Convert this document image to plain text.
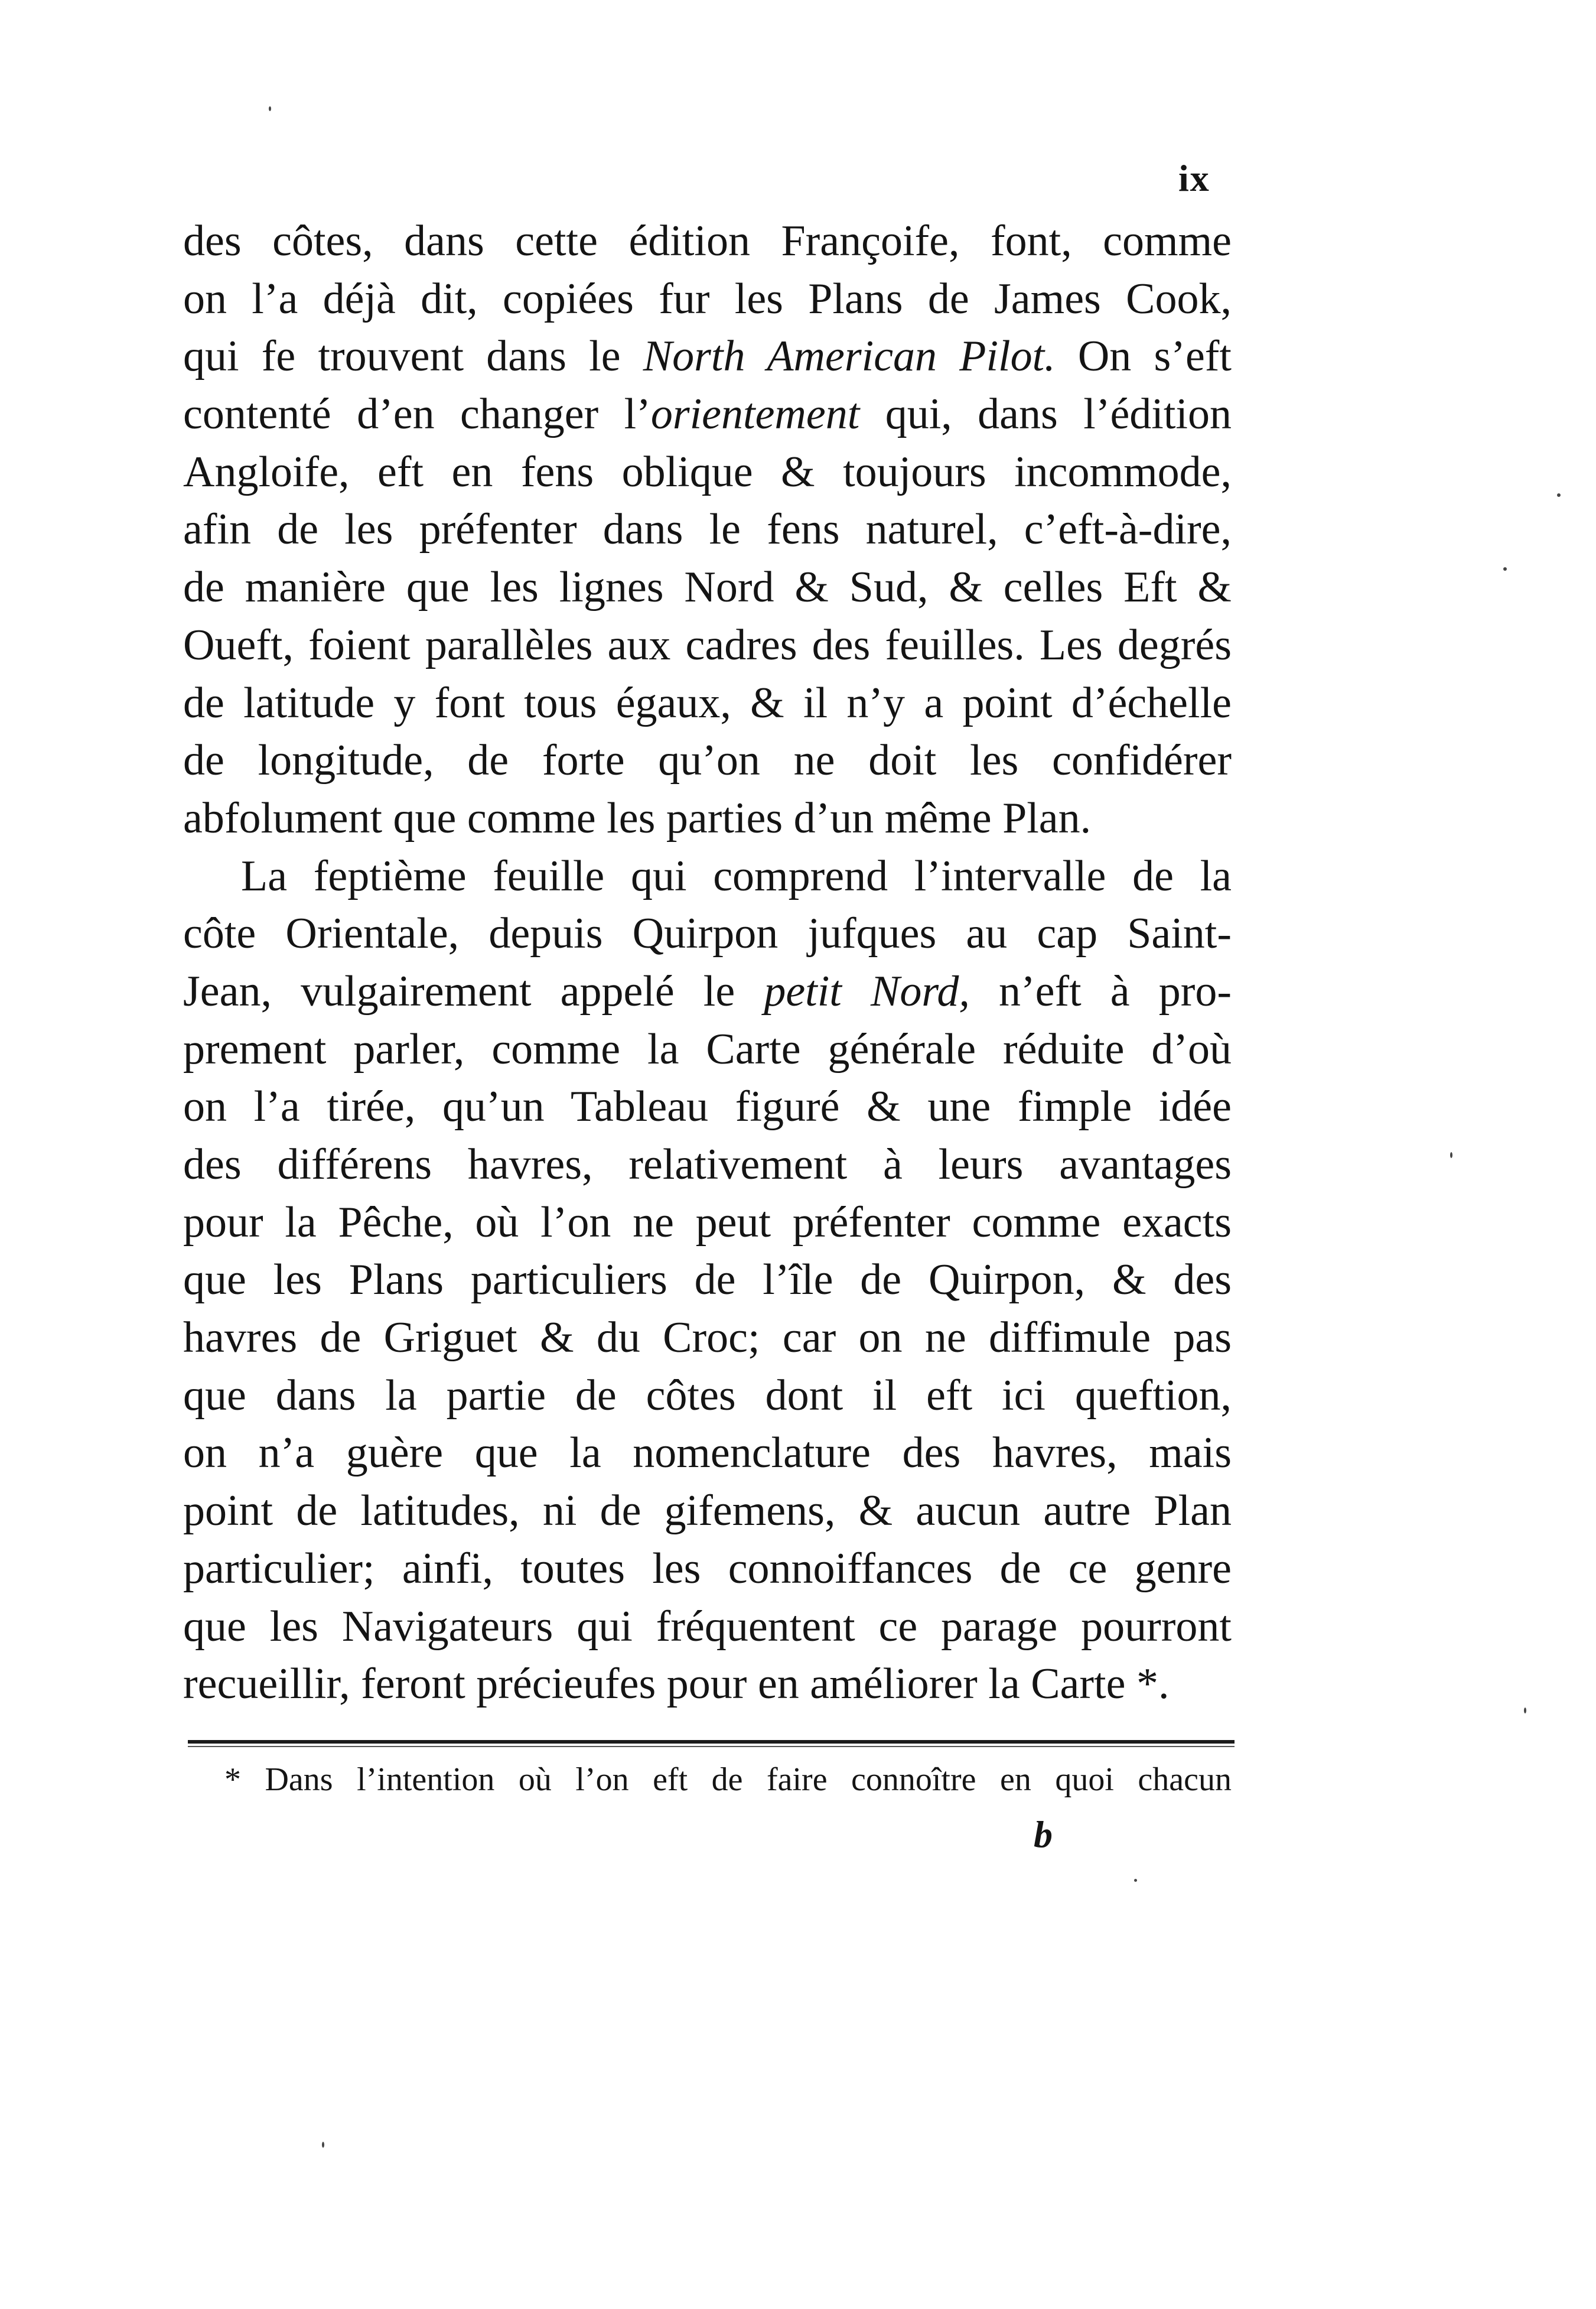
ix
des côtes, dans cette édition Françoife, font, comme
on l’a déjà dit, copiées fur les Plans de James Cook,
qui fe trouvent dans le North American Pilot. On s’eft
contenté d’en changer l’orientement qui, dans l’édition
Angloife, eft en fens oblique & toujours incommode,
afin de les préfenter dans le fens naturel, c’eft-à-dire,
de manière que les lignes Nord & Sud, & celles Eft &
Oueft, foient parallèles aux cadres des feuilles. Les degrés
de latitude y font tous égaux, & il n’y a point d’échelle
de longitude, de forte qu’on ne doit les confidérer
abfolument que comme les parties d’un même Plan.
La feptième feuille qui comprend l’intervalle de la
côte Orientale, depuis Quirpon jufques au cap Saint-
Jean, vulgairement appelé le petit Nord, n’eft à pro-
prement parler, comme la Carte générale réduite d’où
on l’a tirée, qu’un Tableau figuré & une fimple idée
des différens havres, relativement à leurs avantages
pour la Pêche, où l’on ne peut préfenter comme exacts
que les Plans particuliers de l’île de Quirpon, & des
havres de Griguet & du Croc; car on ne diffimule pas
que dans la partie de côtes dont il eft ici queftion,
on n’a guère que la nomenclature des havres, mais
point de latitudes, ni de gifemens, & aucun autre Plan
particulier; ainfi, toutes les connoiffances de ce genre
que les Navigateurs qui fréquentent ce parage pourront
recueillir, feront précieufes pour en améliorer la Carte *.
* Dans l’intention où l’on eft de faire connoître en quoi chacun
b
